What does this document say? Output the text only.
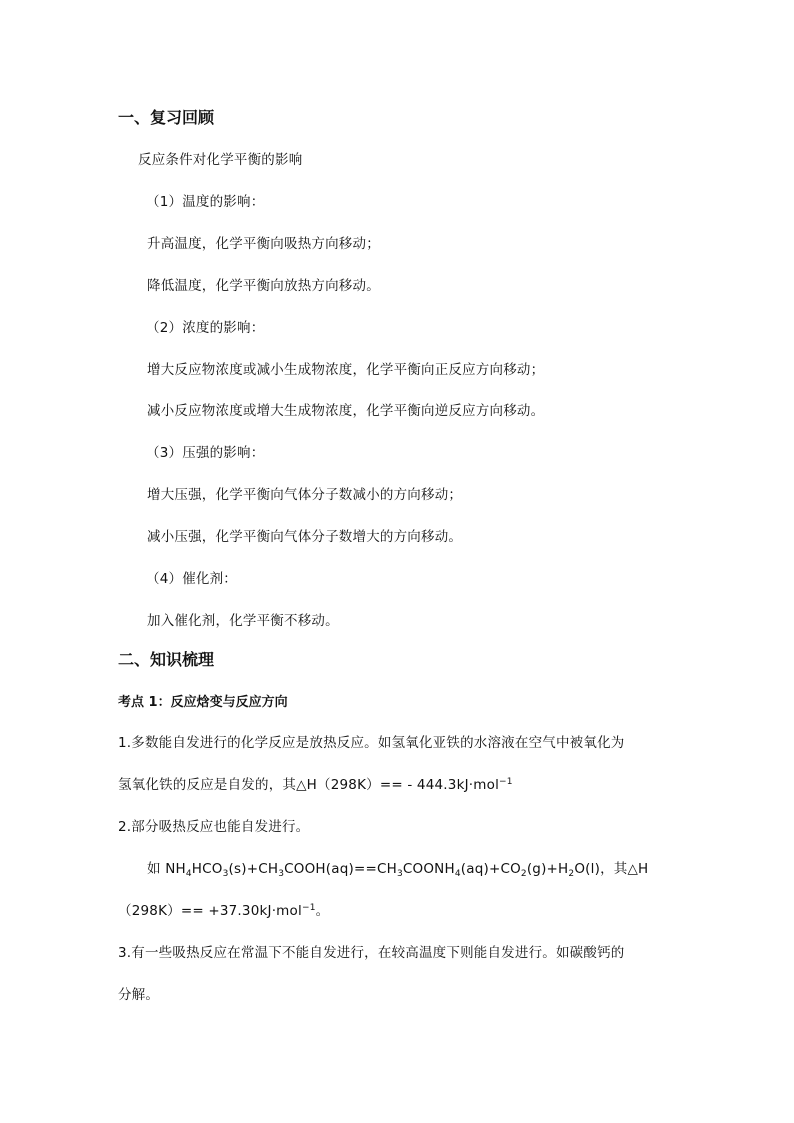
一、复习回顾
反应条件对化学平衡的影响
（1）温度的影响：
升高温度，化学平衡向吸热方向移动；
降低温度，化学平衡向放热方向移动。
（2）浓度的影响：
增大反应物浓度或减小生成物浓度，化学平衡向正反应方向移动；
减小反应物浓度或增大生成物浓度，化学平衡向逆反应方向移动。
（3）压强的影响：
增大压强，化学平衡向气体分子数减小的方向移动；
减小压强，化学平衡向气体分子数增大的方向移动。
（4）催化剂：
加入催化剂，化学平衡不移动。
二、知识梳理
考点 1：反应焓变与反应方向
1.多数能自发进行的化学反应是放热反应。如氢氧化亚铁的水溶液在空气中被氧化为
氢氧化铁的反应是自发的，其△H（298K）== - 444.3kJ·mol$^{-1}$
2.部分吸热反应也能自发进行。
如 $NH_4HCO_3(s)+CH_3COOH(aq)==CH_3COONH_4(aq)+CO_2(g)+H_2O(l)$，其△H
（298K）== +37.30kJ·mol$^{-1}$。
3.有一些吸热反应在常温下不能自发进行，在较高温度下则能自发进行。如碳酸钙的
分解。
